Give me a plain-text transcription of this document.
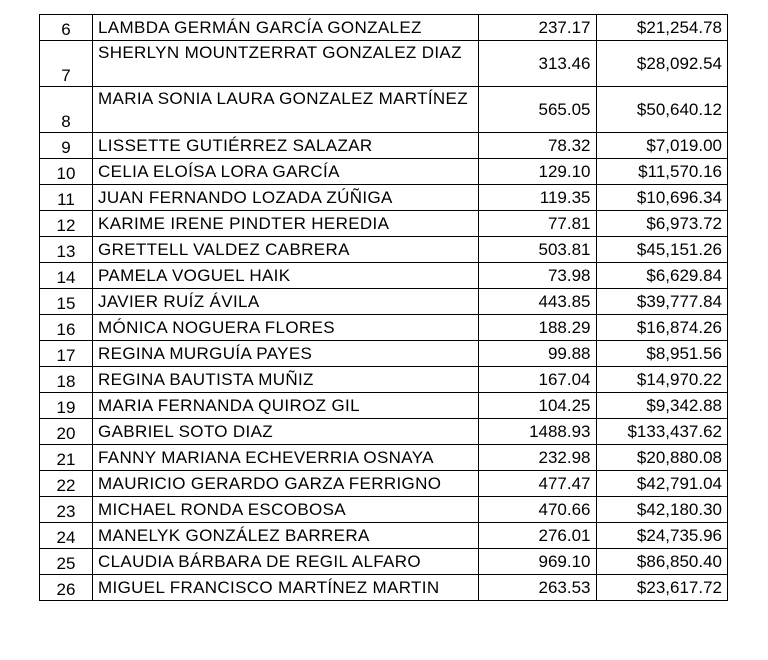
6	LAMBDA GERMÁN GARCÍA GONZALEZ	237.17	$21,254.78
7	SHERLYN MOUNTZERRAT GONZALEZ DIAZ	313.46	$28,092.54
8	MARIA SONIA LAURA GONZALEZ MARTÍNEZ	565.05	$50,640.12
9	LISSETTE GUTIÉRREZ SALAZAR	78.32	$7,019.00
10	CELIA ELOÍSA LORA GARCÍA	129.10	$11,570.16
11	JUAN FERNANDO LOZADA ZÚÑIGA	119.35	$10,696.34
12	KARIME IRENE PINDTER HEREDIA	77.81	$6,973.72
13	GRETTELL VALDEZ CABRERA	503.81	$45,151.26
14	PAMELA VOGUEL HAIK	73.98	$6,629.84
15	JAVIER RUÍZ ÁVILA	443.85	$39,777.84
16	MÓNICA NOGUERA FLORES	188.29	$16,874.26
17	REGINA MURGUÍA PAYES	99.88	$8,951.56
18	REGINA BAUTISTA MUÑIZ	167.04	$14,970.22
19	MARIA FERNANDA QUIROZ GIL	104.25	$9,342.88
20	GABRIEL SOTO DIAZ	1488.93	$133,437.62
21	FANNY MARIANA ECHEVERRIA OSNAYA	232.98	$20,880.08
22	MAURICIO GERARDO GARZA FERRIGNO	477.47	$42,791.04
23	MICHAEL RONDA ESCOBOSA	470.66	$42,180.30
24	MANELYK GONZÁLEZ BARRERA	276.01	$24,735.96
25	CLAUDIA BÁRBARA DE REGIL ALFARO	969.10	$86,850.40
26	MIGUEL FRANCISCO MARTÍNEZ MARTIN	263.53	$23,617.72
